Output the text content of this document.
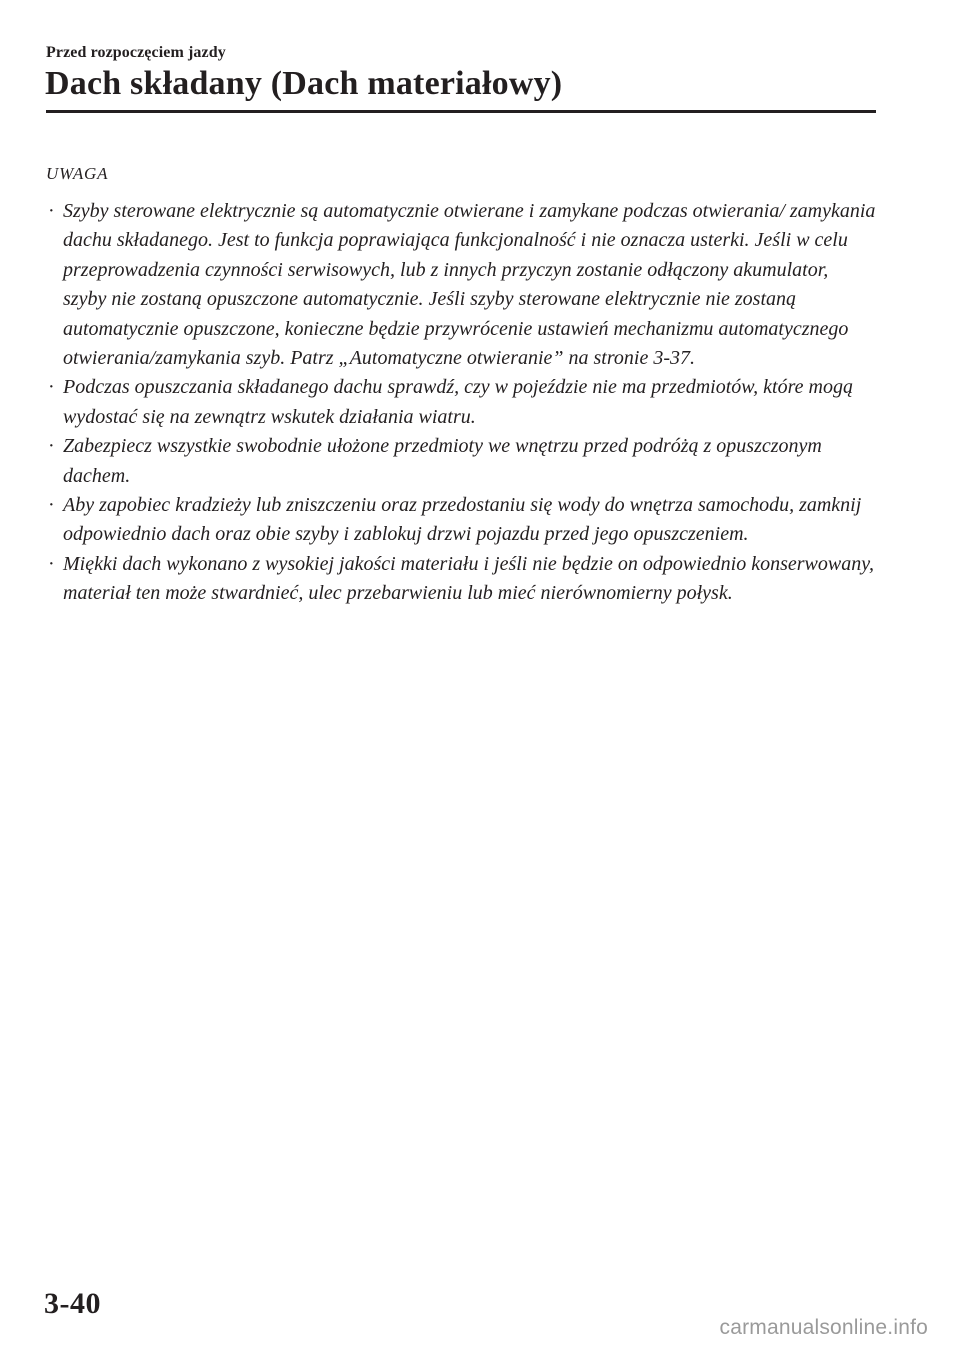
Przed rozpoczęciem jazdy
Dach składany (Dach materiałowy)
UWAGA
· Szyby sterowane elektrycznie są automatycznie otwierane i zamykane podczas otwierania/ zamykania dachu składanego. Jest to funkcja poprawiająca funkcjonalność i nie oznacza usterki. Jeśli w celu przeprowadzenia czynności serwisowych, lub z innych przyczyn zostanie odłączony akumulator, szyby nie zostaną opuszczone automatycznie. Jeśli szyby sterowane elektrycznie nie zostaną automatycznie opuszczone, konieczne będzie przywrócenie ustawień mechanizmu automatycznego otwierania/zamykania szyb. Patrz „Automatyczne otwieranie” na stronie 3-37.
· Podczas opuszczania składanego dachu sprawdź, czy w pojeździe nie ma przedmiotów, które mogą wydostać się na zewnątrz wskutek działania wiatru.
· Zabezpiecz wszystkie swobodnie ułożone przedmioty we wnętrzu przed podróżą z opuszczonym dachem.
· Aby zapobiec kradzieży lub zniszczeniu oraz przedostaniu się wody do wnętrza samochodu, zamknij odpowiednio dach oraz obie szyby i zablokuj drzwi pojazdu przed jego opuszczeniem.
· Miękki dach wykonano z wysokiej jakości materiału i jeśli nie będzie on odpowiednio konserwowany, materiał ten może stwardnieć, ulec przebarwieniu lub mieć nierównomierny połysk.
3-40
carmanualsonline.info
